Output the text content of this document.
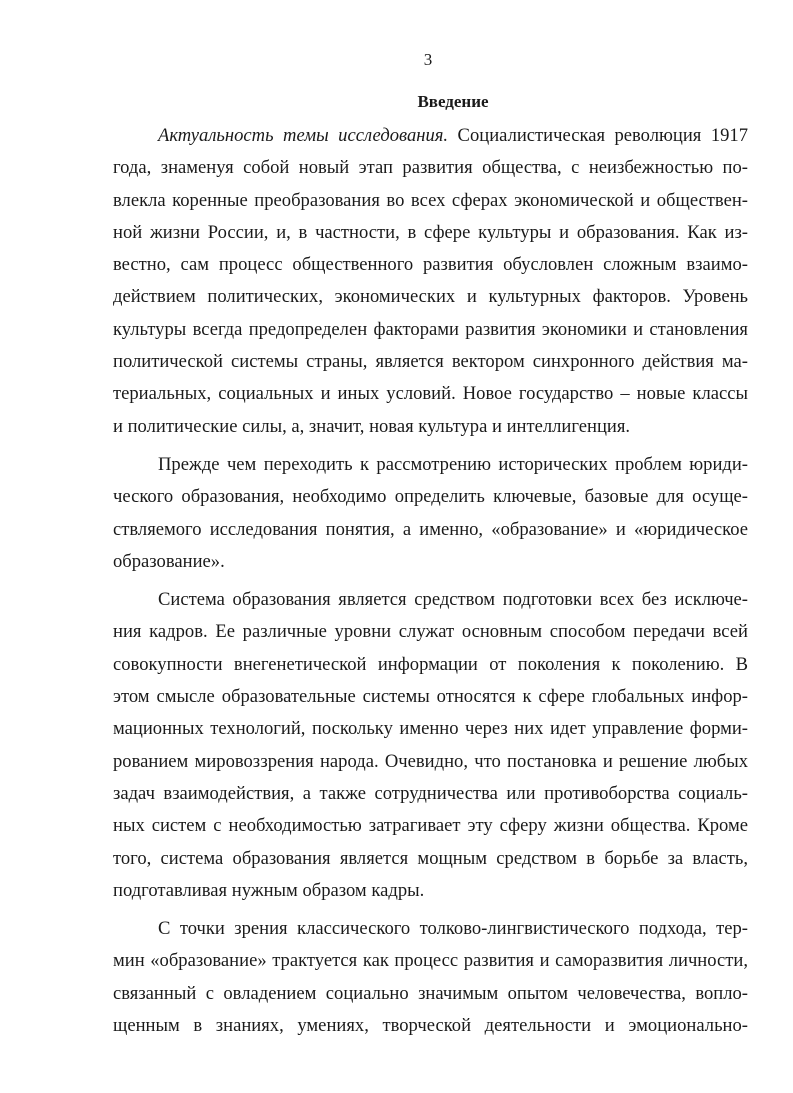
3
Введение
Актуальность темы исследования. Социалистическая революция 1917
года, знаменуя собой новый этап развития общества, с неизбежностью по-
влекла коренные преобразования во всех сферах экономической и обществен-
ной жизни России, и, в частности, в сфере культуры и образования. Как из-
вестно, сам процесс общественного развития обусловлен сложным взаимо-
действием политических, экономических и культурных факторов. Уровень
культуры всегда предопределен факторами развития экономики и становления
политической системы страны, является вектором синхронного действия ма-
териальных, социальных и иных условий. Новое государство – новые классы
и политические силы, а, значит, новая культура и интеллигенция.
Прежде чем переходить к рассмотрению исторических проблем юриди-
ческого образования, необходимо определить ключевые, базовые для осуще-
ствляемого исследования понятия, а именно, «образование» и «юридическое
образование».
Система образования является средством подготовки всех без исключе-
ния кадров. Ее различные уровни служат основным способом передачи всей
совокупности внегенетической информации от поколения к поколению. В
этом смысле образовательные системы относятся к сфере глобальных инфор-
мационных технологий, поскольку именно через них идет управление форми-
рованием мировоззрения народа. Очевидно, что постановка и решение любых
задач взаимодействия, а также сотрудничества или противоборства социаль-
ных систем с необходимостью затрагивает эту сферу жизни общества. Кроме
того, система образования является мощным средством в борьбе за власть,
подготавливая нужным образом кадры.
С точки зрения классического толково-лингвистического подхода, тер-
мин «образование» трактуется как процесс развития и саморазвития личности,
связанный с овладением социально значимым опытом человечества, вопло-
щенным в знаниях, умениях, творческой деятельности и эмоционально-
